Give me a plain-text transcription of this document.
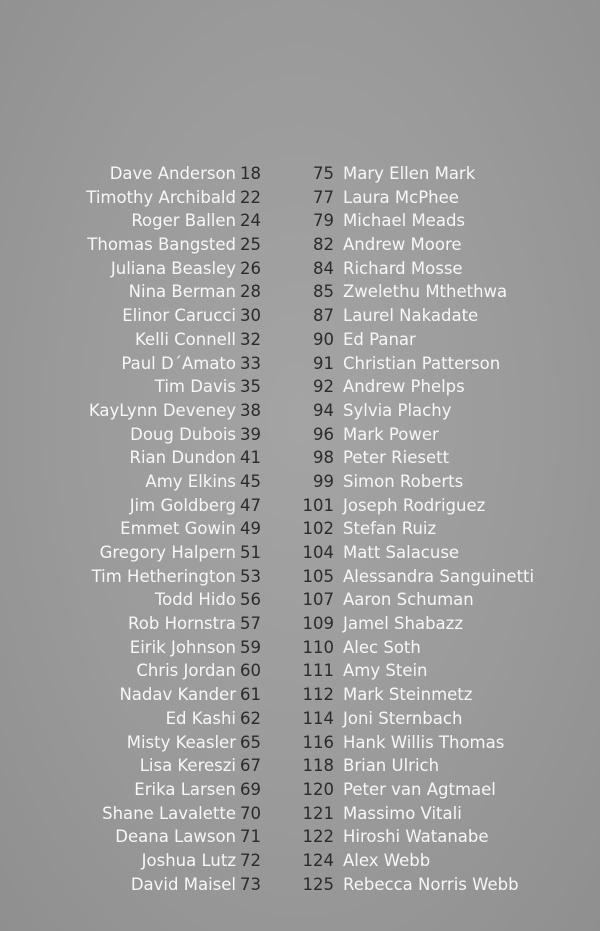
Dave Anderson 18
Timothy Archibald 22
Roger Ballen 24
Thomas Bangsted 25
Juliana Beasley 26
Nina Berman 28
Elinor Carucci 30
Kelli Connell 32
Paul D´Amato 33
Tim Davis 35
KayLynn Deveney 38
Doug Dubois 39
Rian Dundon 41
Amy Elkins 45
Jim Goldberg 47
Emmet Gowin 49
Gregory Halpern 51
Tim Hetherington 53
Todd Hido 56
Rob Hornstra 57
Eirik Johnson 59
Chris Jordan 60
Nadav Kander 61
Ed Kashi 62
Misty Keasler 65
Lisa Kereszi 67
Erika Larsen 69
Shane Lavalette 70
Deana Lawson 71
Joshua Lutz 72
David Maisel 73
75 Mary Ellen Mark
77 Laura McPhee
79 Michael Meads
82 Andrew Moore
84 Richard Mosse
85 Zwelethu Mthethwa
87 Laurel Nakadate
90 Ed Panar
91 Christian Patterson
92 Andrew Phelps
94 Sylvia Plachy
96 Mark Power
98 Peter Riesett
99 Simon Roberts
101 Joseph Rodriguez
102 Stefan Ruiz
104 Matt Salacuse
105 Alessandra Sanguinetti
107 Aaron Schuman
109 Jamel Shabazz
110 Alec Soth
111 Amy Stein
112 Mark Steinmetz
114 Joni Sternbach
116 Hank Willis Thomas
118 Brian Ulrich
120 Peter van Agtmael
121 Massimo Vitali
122 Hiroshi Watanabe
124 Alex Webb
125 Rebecca Norris Webb
